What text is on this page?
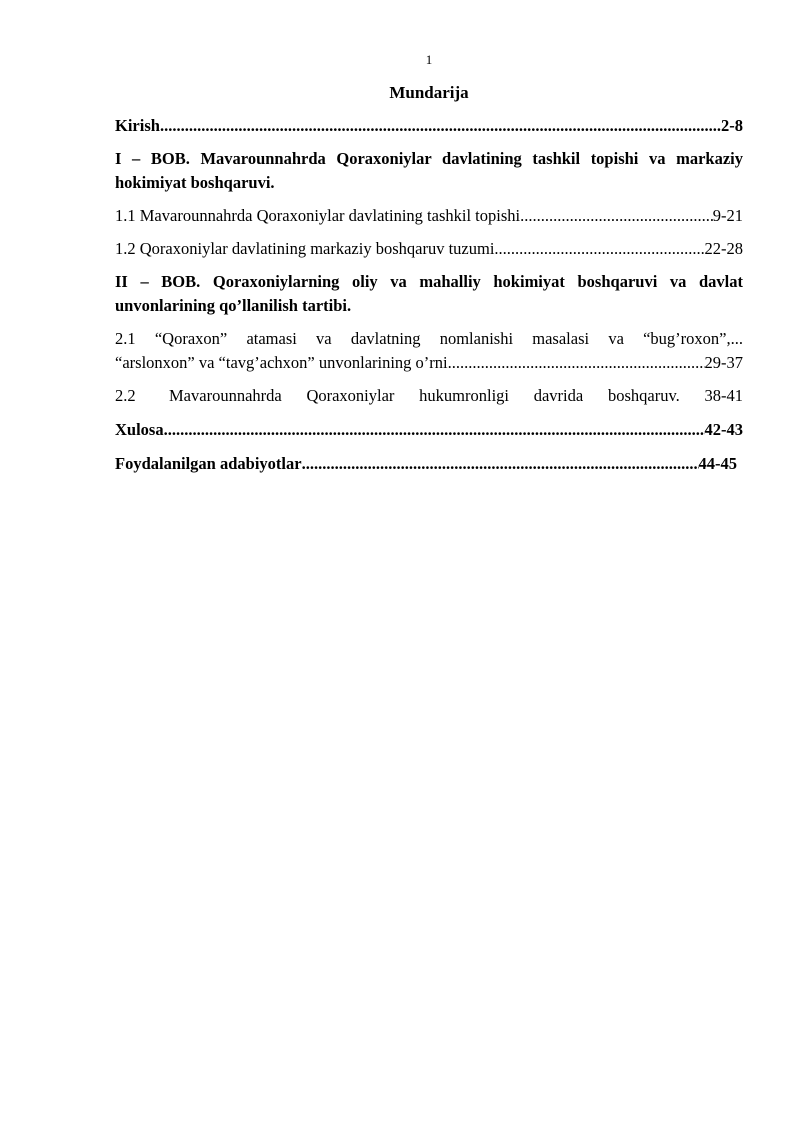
1
Mundarija
Kirish .....	2-8
I – BOB. Mavarounnahrda Qoraxoniylar davlatining tashkil topishi va markaziy hokimiyat boshqaruvi.
1.1 Mavarounnahrda Qoraxoniylar davlatining tashkil topishi .....	9-21
1.2 Qoraxoniylar davlatining markaziy boshqaruv tuzumi .....	22-28
II – BOB. Qoraxoniylarning oliy va mahalliy hokimiyat boshqaruvi va davlat unvonlarining qo’llanilish tartibi.
2.1 “Qoraxon” atamasi va davlatning nomlanishi masalasi va “bug’roxon”,...
“arslonxon” va “tavg’achxon” unvonlarining o’rni .....	29-37
2.2	Mavarounnahrda Qoraxoniylar hukumronligi davrida boshqaruv. 38-41
Xulosa .....	42-43
Foydalanilgan adabiyotlar .....	44-45
